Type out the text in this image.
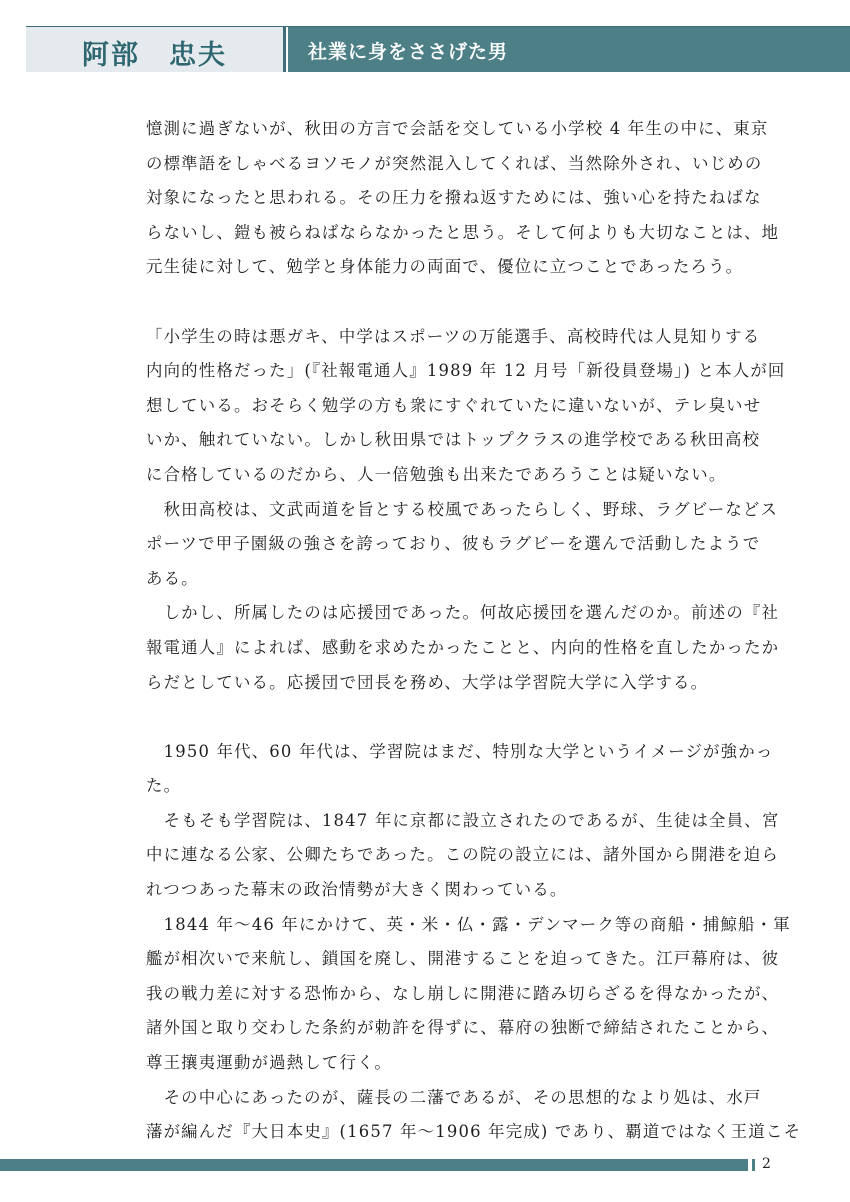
阿部　忠夫	社業に身をささげた男
憶測に過ぎないが、秋田の方言で会話を交している小学校 4 年生の中に、東京
の標準語をしゃべるヨソモノが突然混入してくれば、当然除外され、いじめの
対象になったと思われる。その圧力を撥ね返すためには、強い心を持たねばな
らないし、鎧も被らねばならなかったと思う。そして何よりも大切なことは、地
元生徒に対して、勉学と身体能力の両面で、優位に立つことであったろう。
「小学生の時は悪ガキ、中学はスポーツの万能選手、高校時代は人見知りする
内向的性格だった」(『社報電通人』1989 年 12 月号「新役員登場」) と本人が回
想している。おそらく勉学の方も衆にすぐれていたに違いないが、テレ臭いせ
いか、触れていない。しかし秋田県ではトップクラスの進学校である秋田高校
に合格しているのだから、人一倍勉強も出来たであろうことは疑いない。
　秋田高校は、文武両道を旨とする校風であったらしく、野球、ラグビーなどス
ポーツで甲子園級の強さを誇っており、彼もラグビーを選んで活動したようで
ある。
　しかし、所属したのは応援団であった。何故応援団を選んだのか。前述の『社
報電通人』によれば、感動を求めたかったことと、内向的性格を直したかったか
らだとしている。応援団で団長を務め、大学は学習院大学に入学する。
　1950 年代、60 年代は、学習院はまだ、特別な大学というイメージが強かっ
た。
　そもそも学習院は、1847 年に京都に設立されたのであるが、生徒は全員、宮
中に連なる公家、公卿たちであった。この院の設立には、諸外国から開港を迫ら
れつつあった幕末の政治情勢が大きく関わっている。
　1844 年～46 年にかけて、英・米・仏・露・デンマーク等の商船・捕鯨船・軍
艦が相次いで来航し、鎖国を廃し、開港することを迫ってきた。江戸幕府は、彼
我の戦力差に対する恐怖から、なし崩しに開港に踏み切らざるを得なかったが、
諸外国と取り交わした条約が勅許を得ずに、幕府の独断で締結されたことから、
尊王攘夷運動が過熱して行く。
　その中心にあったのが、薩長の二藩であるが、その思想的なより処は、水戸
藩が編んだ『大日本史』(1657 年～1906 年完成) であり、覇道ではなく王道こそ
2
